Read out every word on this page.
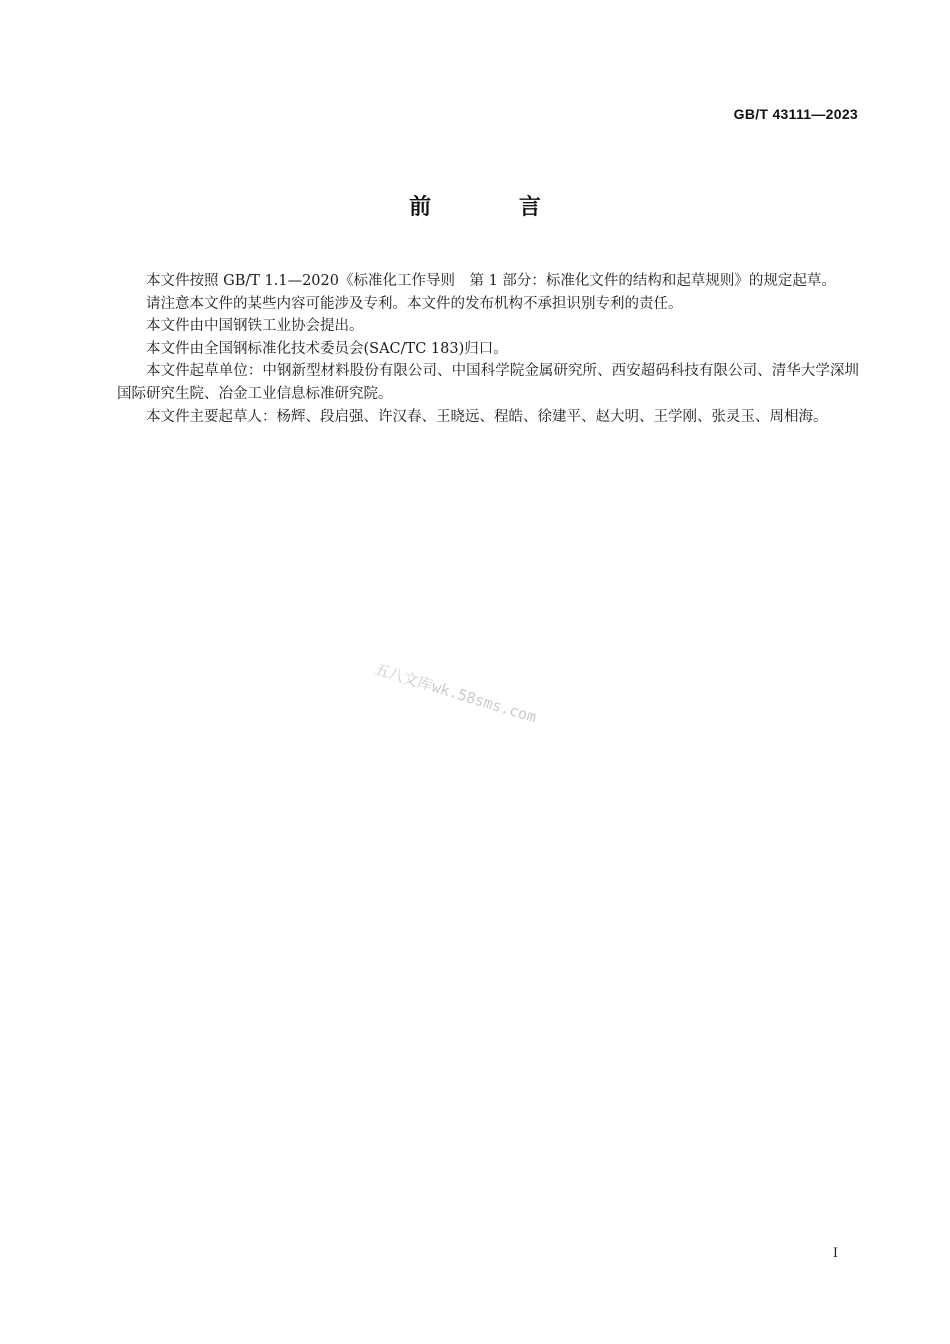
GB/T 43111—2023
前 言

本文件按照 GB/T 1.1—2020《标准化工作导则　第 1 部分：标准化文件的结构和起草规则》的规定起草。

请注意本文件的某些内容可能涉及专利。本文件的发布机构不承担识别专利的责任。

本文件由中国钢铁工业协会提出。

本文件由全国钢标准化技术委员会(SAC/TC 183)归口。

本文件起草单位：中钢新型材料股份有限公司、中国科学院金属研究所、西安超码科技有限公司、清华大学深圳国际研究生院、冶金工业信息标准研究院。

本文件主要起草人：杨辉、段启强、许汉春、王晓远、程皓、徐建平、赵大明、王学刚、张灵玉、周相海。

五八文库wk.58sms.com
I
